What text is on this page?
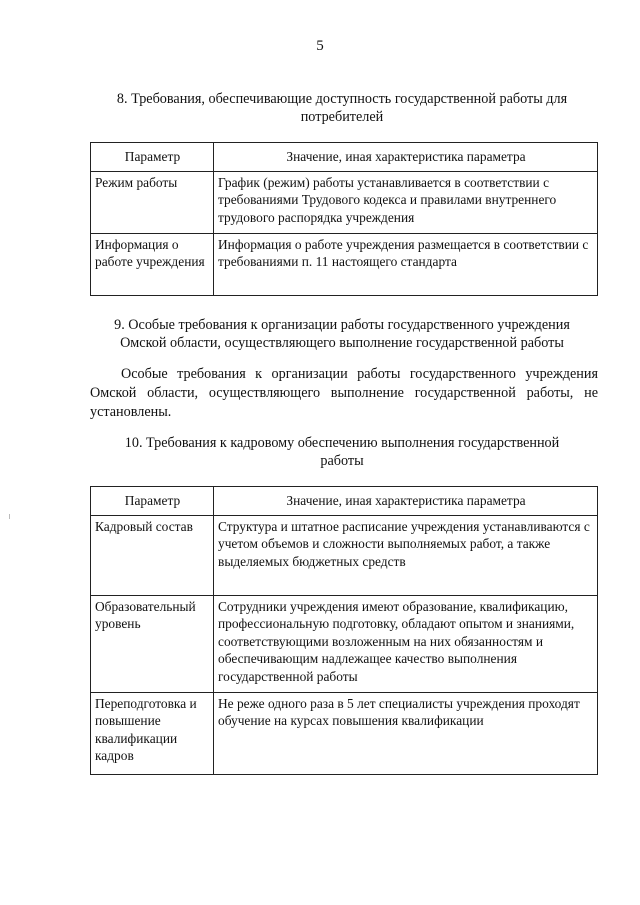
5
8. Требования, обеспечивающие доступность государственной работы для
потребителей
Параметр	Значение, иная характеристика параметра
Режим работы	График (режим) работы устанавливается в соответствии с требованиями Трудового кодекса и правилами внутреннего трудового распорядка учреждения
Информация о работе учреждения	Информация о работе учреждения размещается в соответствии с требованиями п. 11 настоящего стандарта
9. Особые требования к организации работы государственного учреждения
Омской области, осуществляющего выполнение государственной работы
Особые требования к организации работы государственного учреждения Омской области, осуществляющего выполнение государственной работы, не установлены.
10. Требования к кадровому обеспечению выполнения государственной
работы
Параметр	Значение, иная характеристика параметра
Кадровый состав	Структура и штатное расписание учреждения устанавливаются с учетом объемов и сложности выполняемых работ, а также выделяемых бюджетных средств
Образовательный уровень	Сотрудники учреждения имеют образование, квалификацию, профессиональную подготовку, обладают опытом и знаниями, соответствующими возложенным на них обязанностям и обеспечивающим надлежащее качество выполнения государственной работы
Переподготовка и повышение квалификации кадров	Не реже одного раза в 5 лет специалисты учреждения проходят обучение на курсах повышения квалификации
